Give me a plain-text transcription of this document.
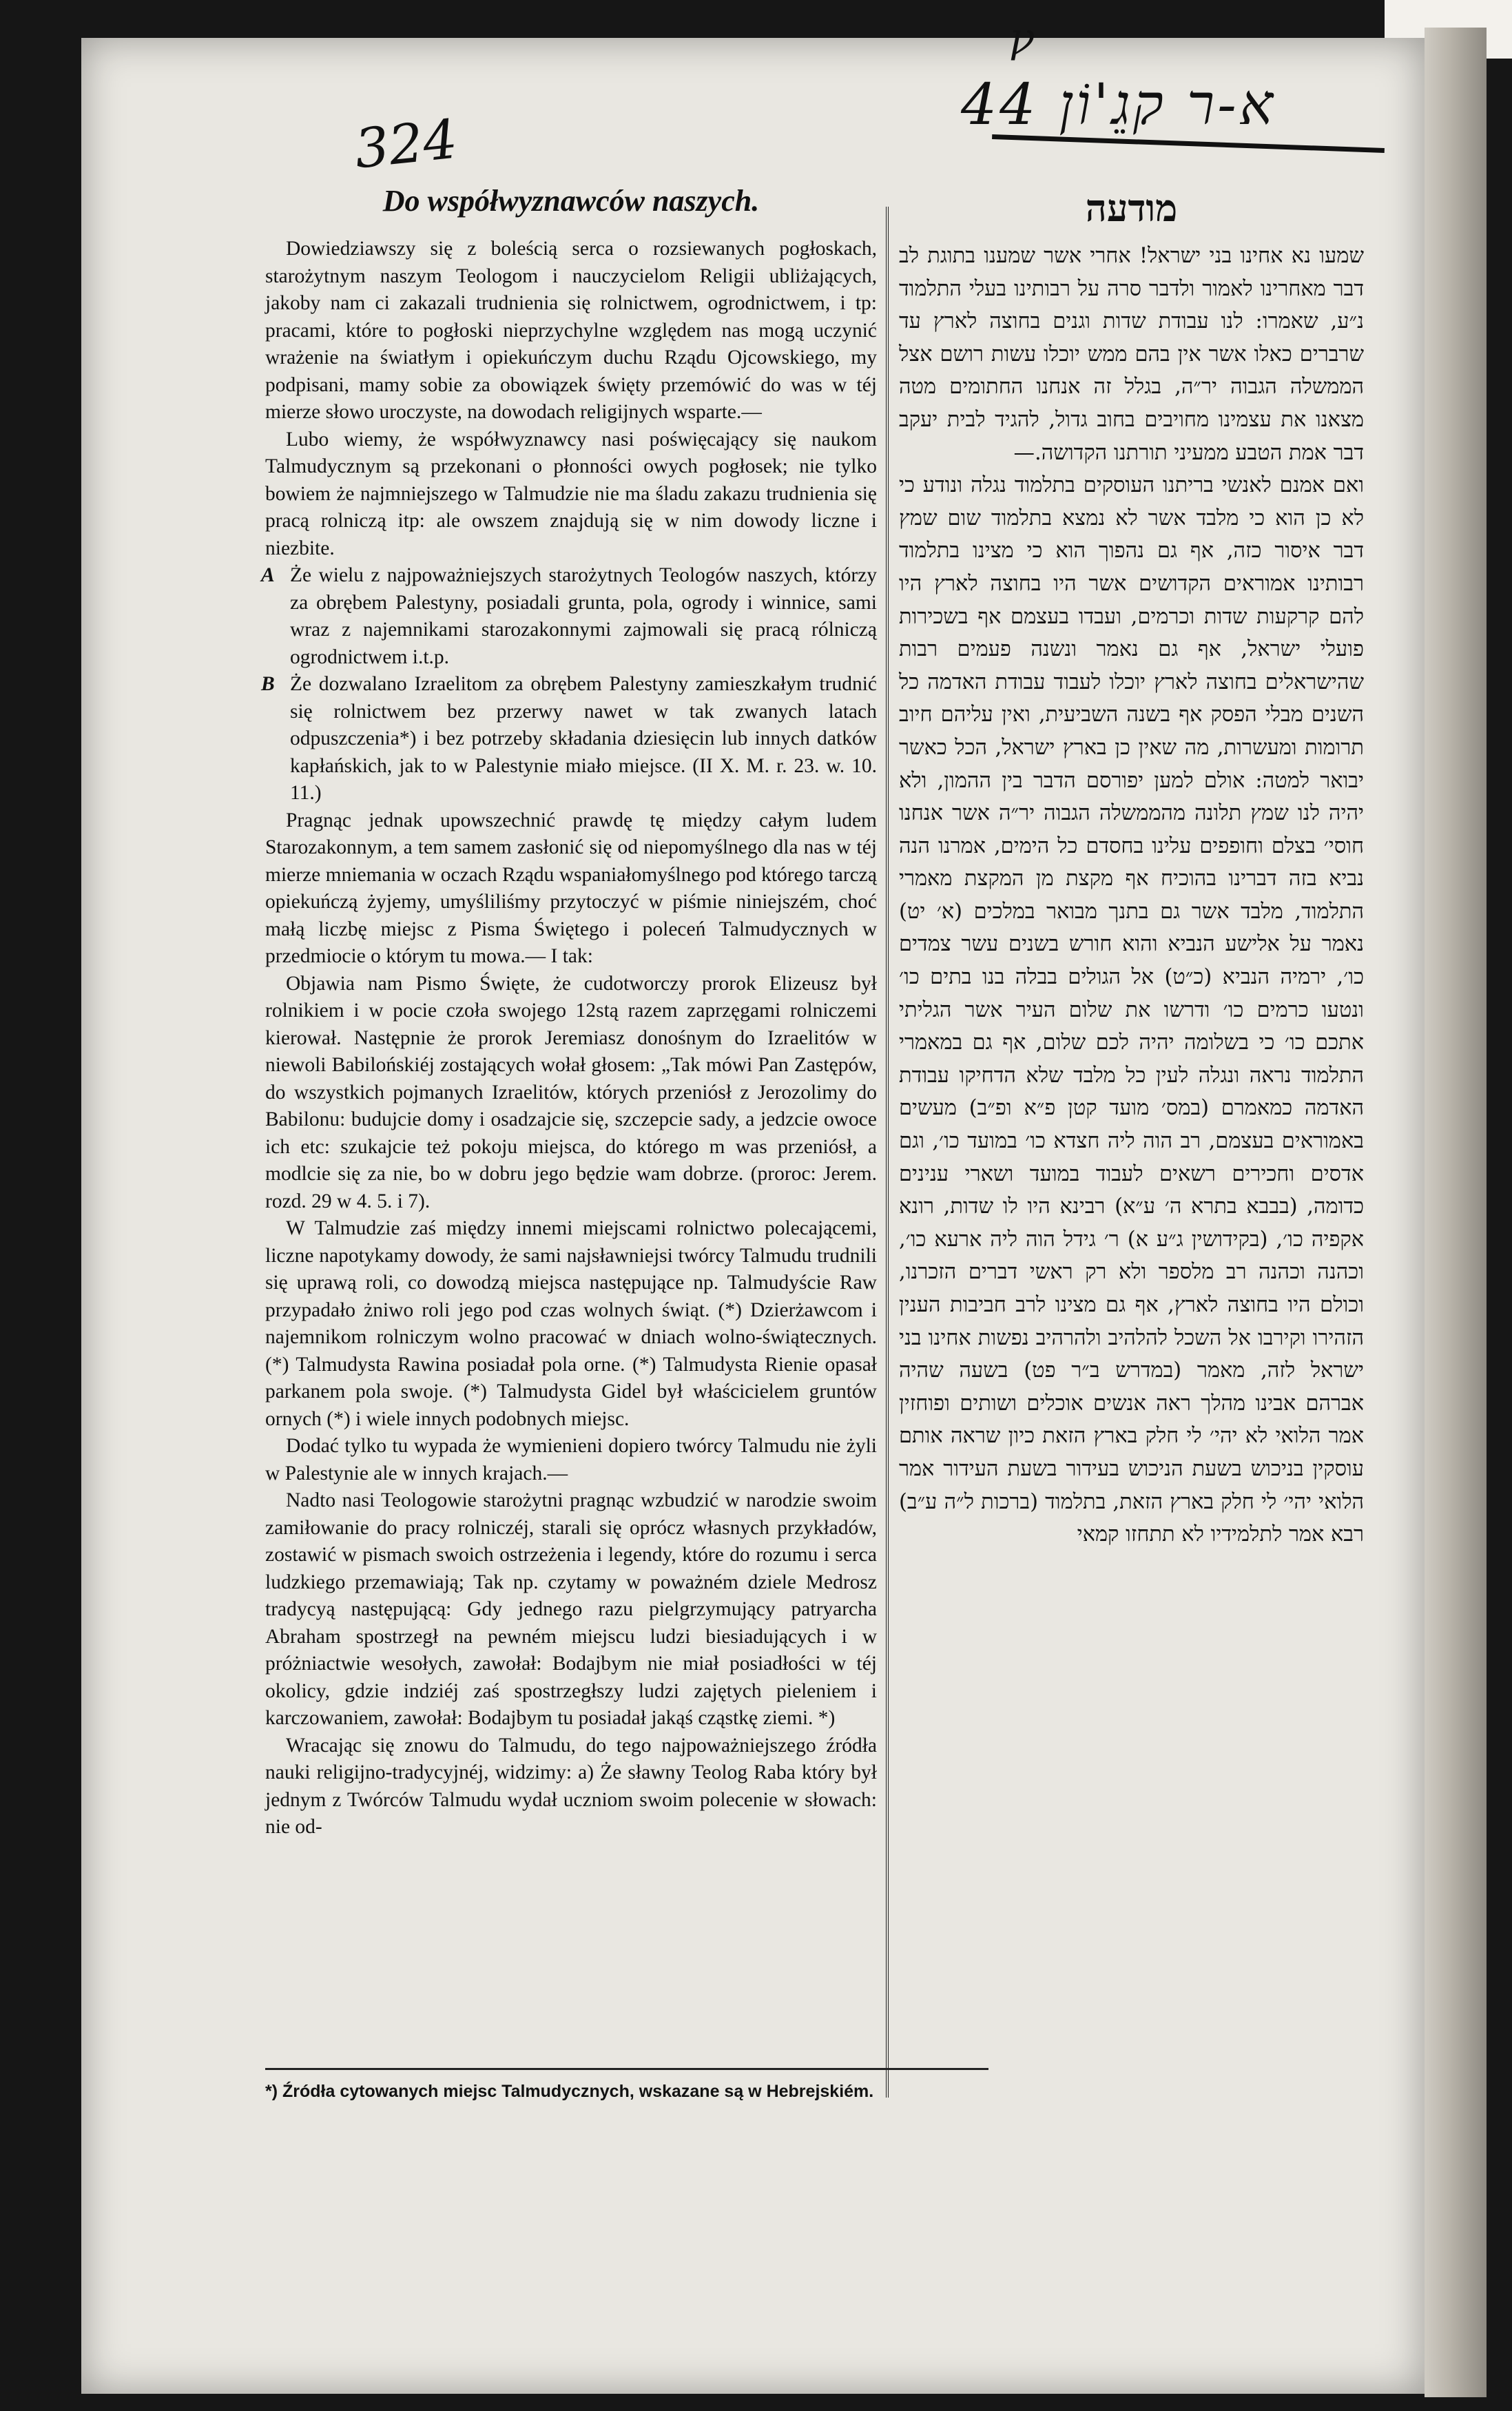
ꝩ
324
א-ר קגֵ'וֹן 44
Do współwyznawców naszych.

Dowiedziawszy się z boleścią serca o rozsiewanych pogłoskach, starożytnym naszym Teologom i nauczycielom Religii ubliżających, jakoby nam ci zakazali trudnienia się rolnictwem, ogrodnictwem, i tp: pracami, które to pogłoski nieprzychylne względem nas mogą uczynić wrażenie na światłym i opiekuńczym duchu Rządu Ojcowskiego, my podpisani, mamy sobie za obowiązek święty przemówić do was w téj mierze słowo uroczyste, na dowodach religijnych wsparte.—

Lubo wiemy, że współwyznawcy nasi poświęcający się naukom Talmudycznym są przekonani o płonności owych pogłosek; nie tylko bowiem że najmniejszego w Talmudzie nie ma śladu zakazu trudnienia się pracą rolniczą itp: ale owszem znajdują się w nim dowody liczne i niezbite.

A Że wielu z najpoważniejszych starożytnych Teologów naszych, którzy za obrębem Palestyny, posiadali grunta, pola, ogrody i winnice, sami wraz z najemnikami starozakonnymi zajmowali się pracą rólniczą ogrodnictwem i.t.p.

B Że dozwalano Izraelitom za obrębem Palestyny zamieszkałym trudnić się rolnictwem bez przerwy nawet w tak zwanych latach odpuszczenia*) i bez potrzeby składania dziesięcin lub innych datków kapłańskich, jak to w Palestynie miało miejsce. (II X. M. r. 23. w. 10. 11.)

Pragnąc jednak upowszechnić prawdę tę między całym ludem Starozakonnym, a tem samem zasłonić się od niepomyślnego dla nas w téj mierze mniemania w oczach Rządu wspaniałomyślnego pod którego tarczą opiekuńczą żyjemy, umyśliliśmy przytoczyć w piśmie niniejszém, choć małą liczbę miejsc z Pisma Świętego i poleceń Talmudycznych w przedmiocie o którym tu mowa.— I tak:

Objawia nam Pismo Święte, że cudotworczy prorok Elizeusz był rolnikiem i w pocie czoła swojego 12stą razem zaprzęgami rolniczemi kierował. Następnie że prorok Jeremiasz donośnym do Izraelitów w niewoli Babilońskiéj zostających wołał głosem: „Tak mówi Pan Zastępów, do wszystkich pojmanych Izraelitów, których przeniósł z Jerozolimy do Babilonu: budujcie domy i osadzajcie się, szczepcie sady, a jedzcie owoce ich etc: szukajcie też pokoju miejsca, do którego m was przeniósł, a modlcie się za nie, bo w dobru jego będzie wam dobrze. (proroc: Jerem. rozd. 29 w 4. 5. i 7).

W Talmudzie zaś między innemi miejscami rolnictwo polecającemi, liczne napotykamy dowody, że sami najsławniejsi twórcy Talmudu trudnili się uprawą roli, co dowodzą miejsca następujące np. Talmudyście Raw przypadało żniwo roli jego pod czas wolnych świąt. (*) Dzierżawcom i najemnikom rolniczym wolno pracować w dniach wolno-świątecznych. (*) Talmudysta Rawina posiadał pola orne. (*) Talmudysta Rienie opasał parkanem pola swoje. (*) Talmudysta Gidel był właścicielem gruntów ornych (*) i wiele innych podobnych miejsc.

Dodać tylko tu wypada że wymienieni dopiero twórcy Talmudu nie żyli w Palestynie ale w innych krajach.—

Nadto nasi Teologowie starożytni pragnąc wzbudzić w narodzie swoim zamiłowanie do pracy rolniczéj, starali się oprócz własnych przykładów, zostawić w pismach swoich ostrzeżenia i legendy, które do rozumu i serca ludzkiego przemawiają; Tak np. czytamy w poważném dziele Medrosz tradycyą następującą: Gdy jednego razu pielgrzymujący patryarcha Abraham spostrzegł na pewném miejscu ludzi biesiadujących i w próżniactwie wesołych, zawołał: Bodajbym nie miał posiadłości w téj okolicy, gdzie indziéj zaś spostrzegłszy ludzi zajętych pieleniem i karczowaniem, zawołał: Bodajbym tu posiadał jakąś cząstkę ziemi. *)

Wracając się znowu do Talmudu, do tego najpoważniejszego źródła nauki religijno-tradycyjnéj, widzimy: a) Że sławny Teolog Raba który był jednym z Twórców Talmudu wydał uczniom swoim polecenie w słowach: nie od-

מודעה

שמעו נא אחינו בני ישראל! אחרי אשר שמענו בתוגת לב דבר מאחרינו לאמור ולדבר סרה על רבותינו בעלי התלמוד נ״ע, שאמרו: לנו עבודת שדות וגנים בחוצה לארץ עד שרברים כאלו אשר אין בהם ממש יוכלו עשות רושם אצל הממשלה הגבוה יר״ה, בגלל זה אנחנו החתומים מטה מצאנו את עצמינו מחויבים בחוב גדול, להגיד לבית יעקב דבר אמת הטבע ממעיני תורתנו הקדושה.—

ואם אמנם לאנשי בריתנו העוסקים בתלמוד נגלה ונודע כי לא כן הוא כי מלבד אשר לא נמצא בתלמוד שום שמץ דבר איסור כזה, אף גם נהפוך הוא כי מצינו בתלמוד רבותינו אמוראים הקדושים אשר היו בחוצה לארץ היו להם קרקעות שדות וכרמים, ועבדו בעצמם אף בשכירות פועלי ישראל, אף גם נאמר ונשנה פעמים רבות שהישראלים בחוצה לארץ יוכלו לעבוד עבודת האדמה כל השנים מבלי הפסק אף בשנה השביעית, ואין עליהם חיוב תרומות ומעשרות, מה שאין כן בארץ ישראל, הכל כאשר יבואר למטה: אולם למען יפורסם הדבר בין ההמון, ולא יהיה לנו שמץ תלונה מהממשלה הגבוה יר״ה אשר אנחנו חוסי׳ בצלם וחופפים עלינו בחסדם כל הימים, אמרנו הנה נביא בזה דברינו בהוכיח אף מקצת מן המקצת מאמרי התלמוד, מלבד אשר גם בתנך מבואר במלכים (א׳ יט) נאמר על אלישע הנביא והוא חורש בשנים עשר צמדים כו׳, ירמיה הנביא (כ״ט) אל הגולים בבלה בנו בתים כו׳ ונטעו כרמים כו׳ ודרשו את שלום העיר אשר הגליתי אתכם כו׳ כי בשלומה יהיה לכם שלום, אף גם במאמרי התלמוד נראה ונגלה לעין כל מלבד שלא הדחיקו עבודת האדמה כמאמרם (במס׳ מועד קטן פ״א ופ״ב) מעשים באמוראים בעצמם, רב הוה ליה חצדא כו׳ במועד כו׳, וגם אדסים וחכירים רשאים לעבוד במועד ושארי ענינים כדומה, (בבבא בתרא ה׳ ע״א) רבינא היו לו שדות, רונא אקפיה כו׳, (בקידושין ג״ע א) ר׳ גידל הוה ליה ארעא כו׳, וכהנה וכהנה רב מלספר ולא רק ראשי דברים הזכרנו, וכולם היו בחוצה לארץ, אף גם מצינו לרב חביבות הענין הזהירו וקירבו אל השכל להלהיב ולהרהיב נפשות אחינו בני ישראל לזה, מאמר (במדרש ב״ר פט) בשעה שהיה אברהם אבינו מהלך ראה אנשים אוכלים ושותים ופוחזין אמר הלואי לא יהי׳ לי חלק בארץ הזאת כיון שראה אותם עוסקין בניכוש בשעת הניכוש בעידור בשעת העידור אמר הלואי יהי׳ לי חלק בארץ הזאת, בתלמוד (ברכות ל״ה ע״ב) רבא אמר לתלמידיו לא תתחזו קמאי

*) Źródła cytowanych miejsc Talmudycznych, wskazane są w Hebrejskiém.
